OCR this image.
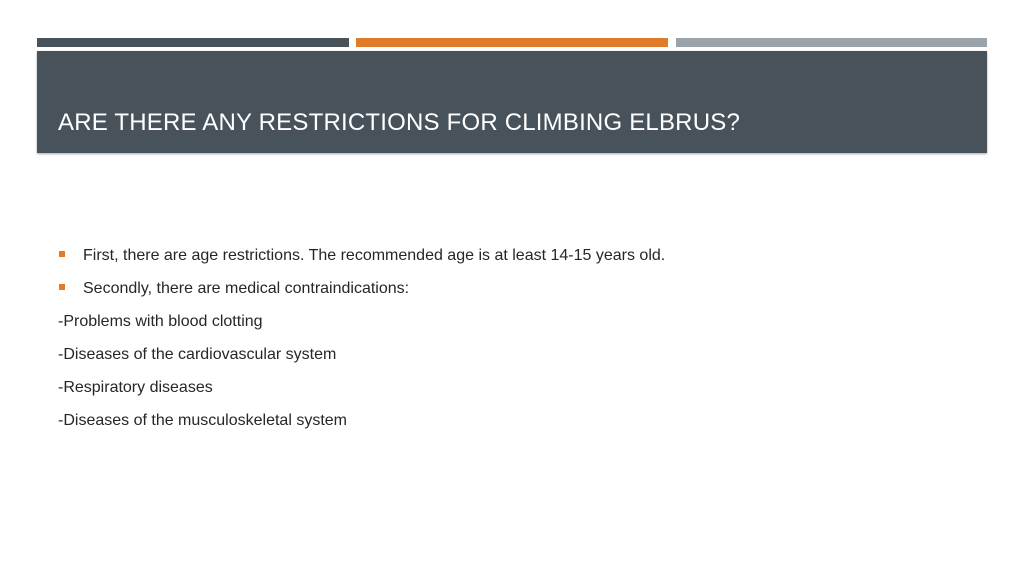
ARE THERE ANY RESTRICTIONS FOR CLIMBING ELBRUS?
First, there are age restrictions. The recommended age is at least 14-15 years old.
Secondly, there are medical contraindications:
-Problems with blood clotting
-Diseases of the cardiovascular system
-Respiratory diseases
-Diseases of the musculoskeletal system
